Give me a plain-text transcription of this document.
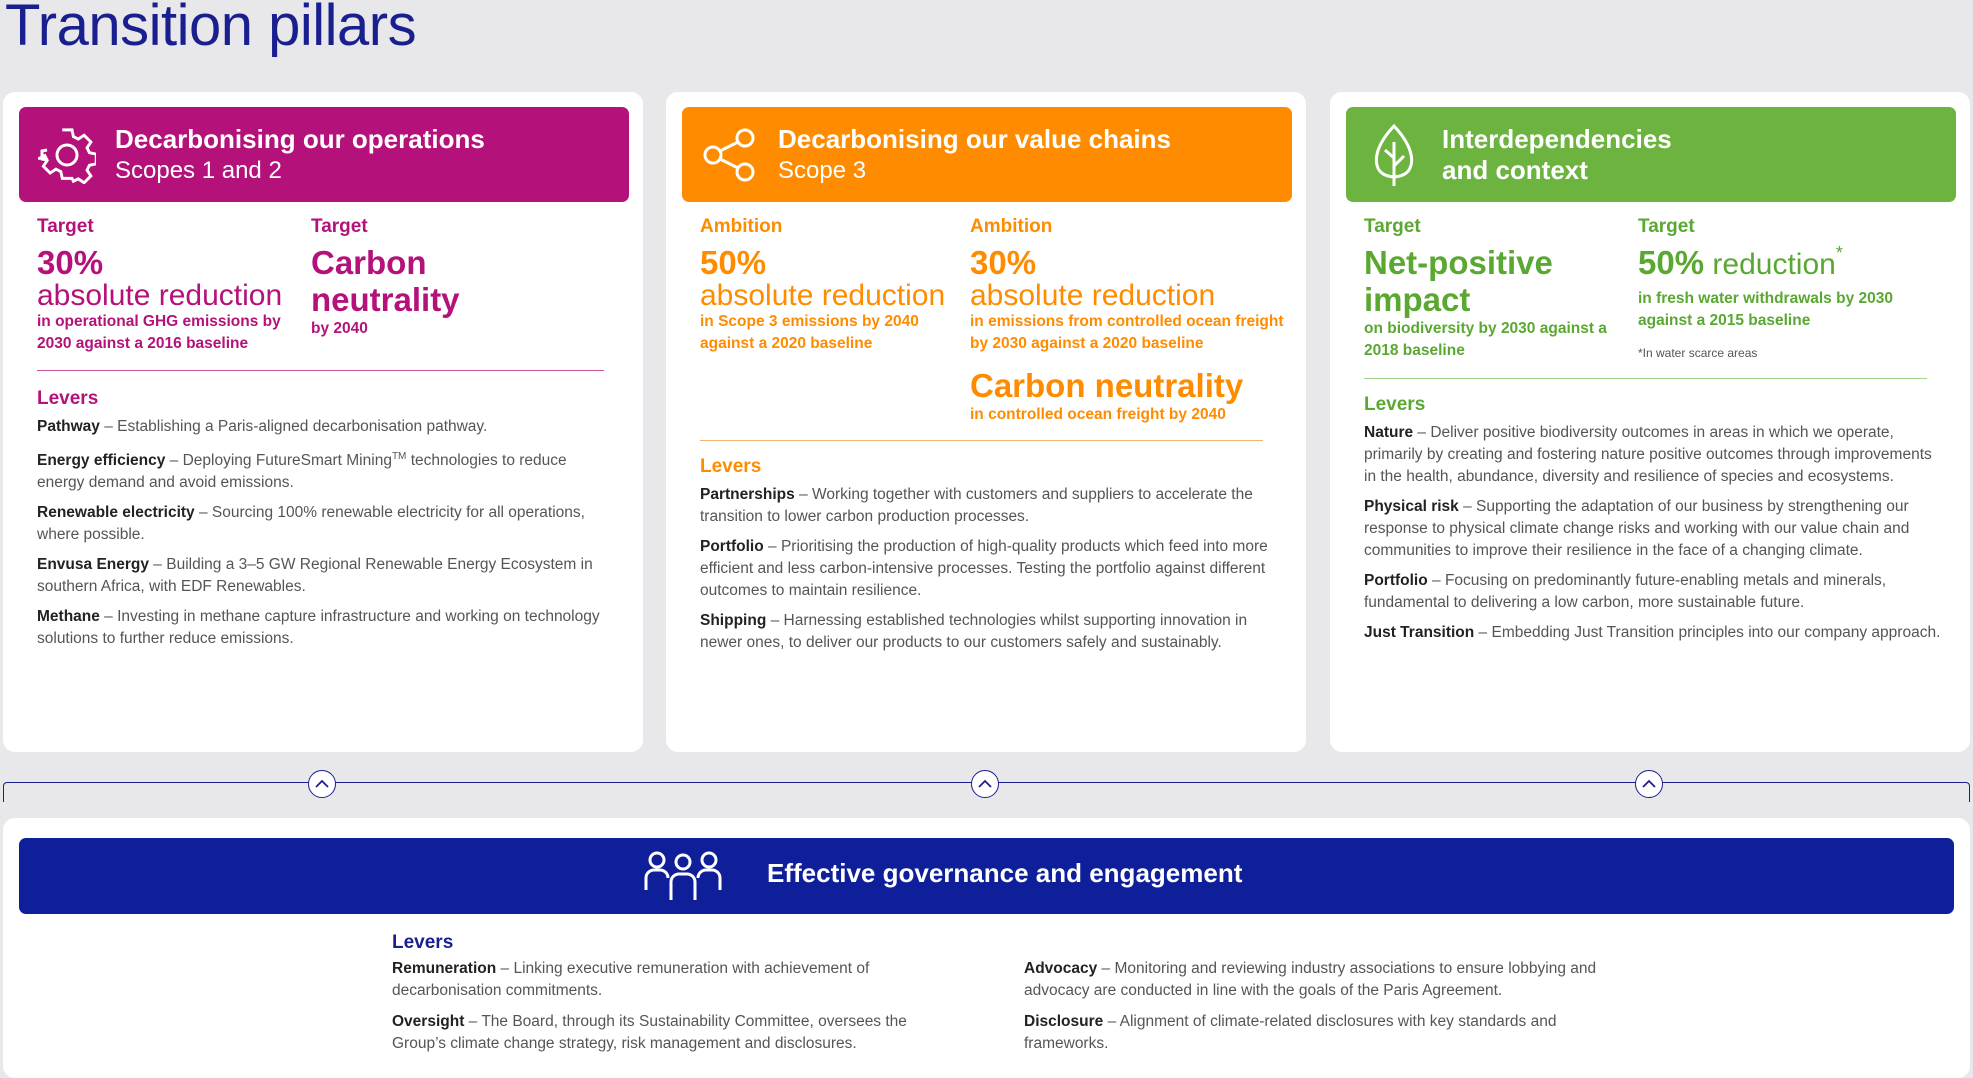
Transition pillars
Decarbonising our operations
Scopes 1 and 2
Target
30%
absolute reduction
in operational GHG emissions by 2030 against a 2016 baseline
Target
Carbon neutrality
by 2040
Levers
Pathway – Establishing a Paris-aligned decarbonisation pathway.
Energy efficiency – Deploying FutureSmart Mining™ technologies to reduce energy demand and avoid emissions.
Renewable electricity – Sourcing 100% renewable electricity for all operations, where possible.
Envusa Energy – Building a 3–5 GW Regional Renewable Energy Ecosystem in southern Africa, with EDF Renewables.
Methane – Investing in methane capture infrastructure and working on technology solutions to further reduce emissions.
Decarbonising our value chains
Scope 3
Ambition
50%
absolute reduction
in Scope 3 emissions by 2040 against a 2020 baseline
Ambition
30%
absolute reduction
in emissions from controlled ocean freight by 2030 against a 2020 baseline
Carbon neutrality
in controlled ocean freight by 2040
Levers
Partnerships – Working together with customers and suppliers to accelerate the transition to lower carbon production processes.
Portfolio – Prioritising the production of high-quality products which feed into more efficient and less carbon-intensive processes. Testing the portfolio against different outcomes to maintain resilience.
Shipping – Harnessing established technologies whilst supporting innovation in newer ones, to deliver our products to our customers safely and sustainably.
Interdependencies
and context
Target
Net-positive impact
on biodiversity by 2030 against a 2018 baseline
Target
50% reduction*
in fresh water withdrawals by 2030 against a 2015 baseline
*In water scarce areas
Levers
Nature – Deliver positive biodiversity outcomes in areas in which we operate, primarily by creating and fostering nature positive outcomes through improvements in the health, abundance, diversity and resilience of species and ecosystems.
Physical risk – Supporting the adaptation of our business by strengthening our response to physical climate change risks and working with our value chain and communities to improve their resilience in the face of a changing climate.
Portfolio – Focusing on predominantly future-enabling metals and minerals, fundamental to delivering a low carbon, more sustainable future.
Just Transition – Embedding Just Transition principles into our company approach.
Effective governance and engagement
Levers
Remuneration – Linking executive remuneration with achievement of decarbonisation commitments.
Oversight – The Board, through its Sustainability Committee, oversees the Group’s climate change strategy, risk management and disclosures.
Advocacy – Monitoring and reviewing industry associations to ensure lobbying and advocacy are conducted in line with the goals of the Paris Agreement.
Disclosure – Alignment of climate-related disclosures with key standards and frameworks.
